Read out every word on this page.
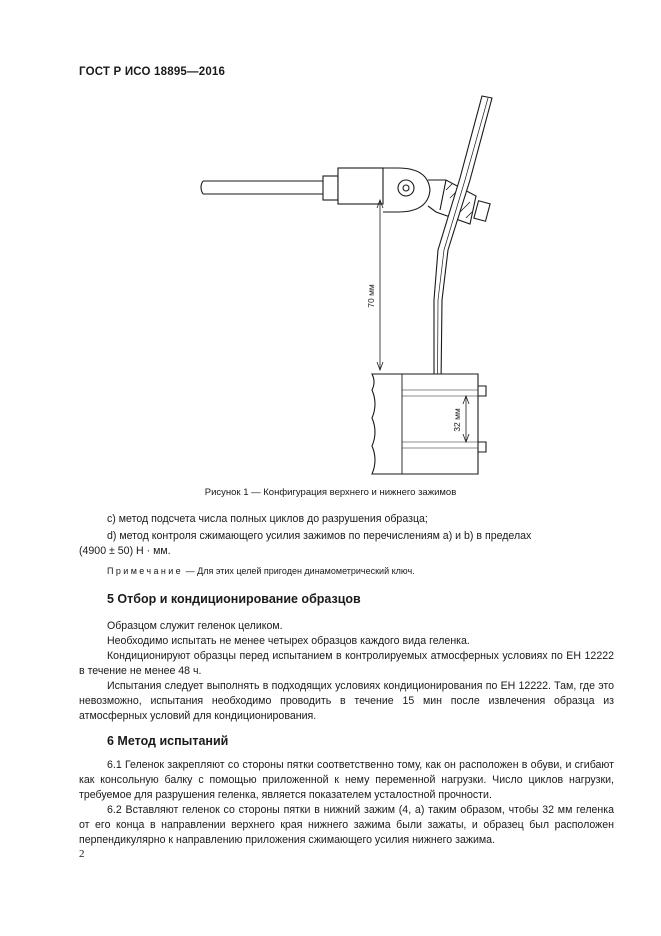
ГОСТ Р ИСО 18895—2016
70 мм
32 мм
Рисунок 1 — Конфигурация верхнего и нижнего зажимов

c) метод подсчета числа полных циклов до разрушения образца;

d) метод контроля сжимающего усилия зажимов по перечислениям а) и b) в пределах

(4900 ± 50) Н · мм.

Примечание — Для этих целей пригоден динамометрический ключ.
5 Отбор и кондиционирование образцов

Образцом служит геленок целиком.

Необходимо испытать не менее четырех образцов каждого вида геленка.

Кондиционируют образцы перед испытанием в контролируемых атмосферных условиях по ЕН 12222 в течение не менее 48 ч.

Испытания следует выполнять в подходящих условиях кондиционирования по ЕН 12222. Там, где это невозможно, испытания необходимо проводить в течение 15 мин после извлечения образца из атмосферных условий для кондиционирования.

6 Метод испытаний

6.1 Геленок закрепляют со стороны пятки соответственно тому, как он расположен в обуви, и сгибают как консольную балку с помощью приложенной к нему переменной нагрузки. Число циклов нагрузки, требуемое для разрушения геленка, является показателем усталостной прочности.

6.2 Вставляют геленок со стороны пятки в нижний зажим (4, a) таким образом, чтобы 32 мм геленка от его конца в направлении верхнего края нижнего зажима были зажаты, и образец был расположен перпендикулярно к направлению приложения сжимающего усилия нижнего зажима.

2
